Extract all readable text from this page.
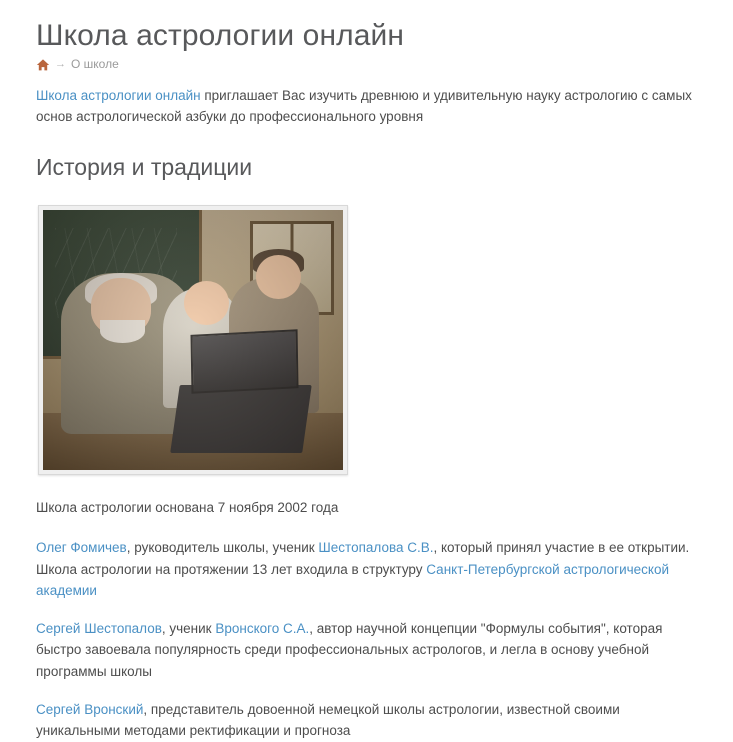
Школа астрологии онлайн
→ О школе

Школа астрологии онлайн приглашает Вас изучить древнюю и удивительную науку астрологию с самых основ астрологической азбуки до профессионального уровня

История и традиции

Школа астрологии основана 7 ноября 2002 года

Олег Фомичев, руководитель школы, ученик Шестопалова С.В., который принял участие в ее открытии. Школа астрологии на протяжении 13 лет входила в структуру Санкт-Петербургской астрологической академии

Сергей Шестопалов, ученик Вронского С.А., автор научной концепции "Формулы события", которая быстро завоевала популярность среди профессиональных астрологов, и легла в основу учебной программы школы

Сергей Вронский, представитель довоенной немецкой школы астрологии, известной своими уникальными методами ректификации и прогноза
